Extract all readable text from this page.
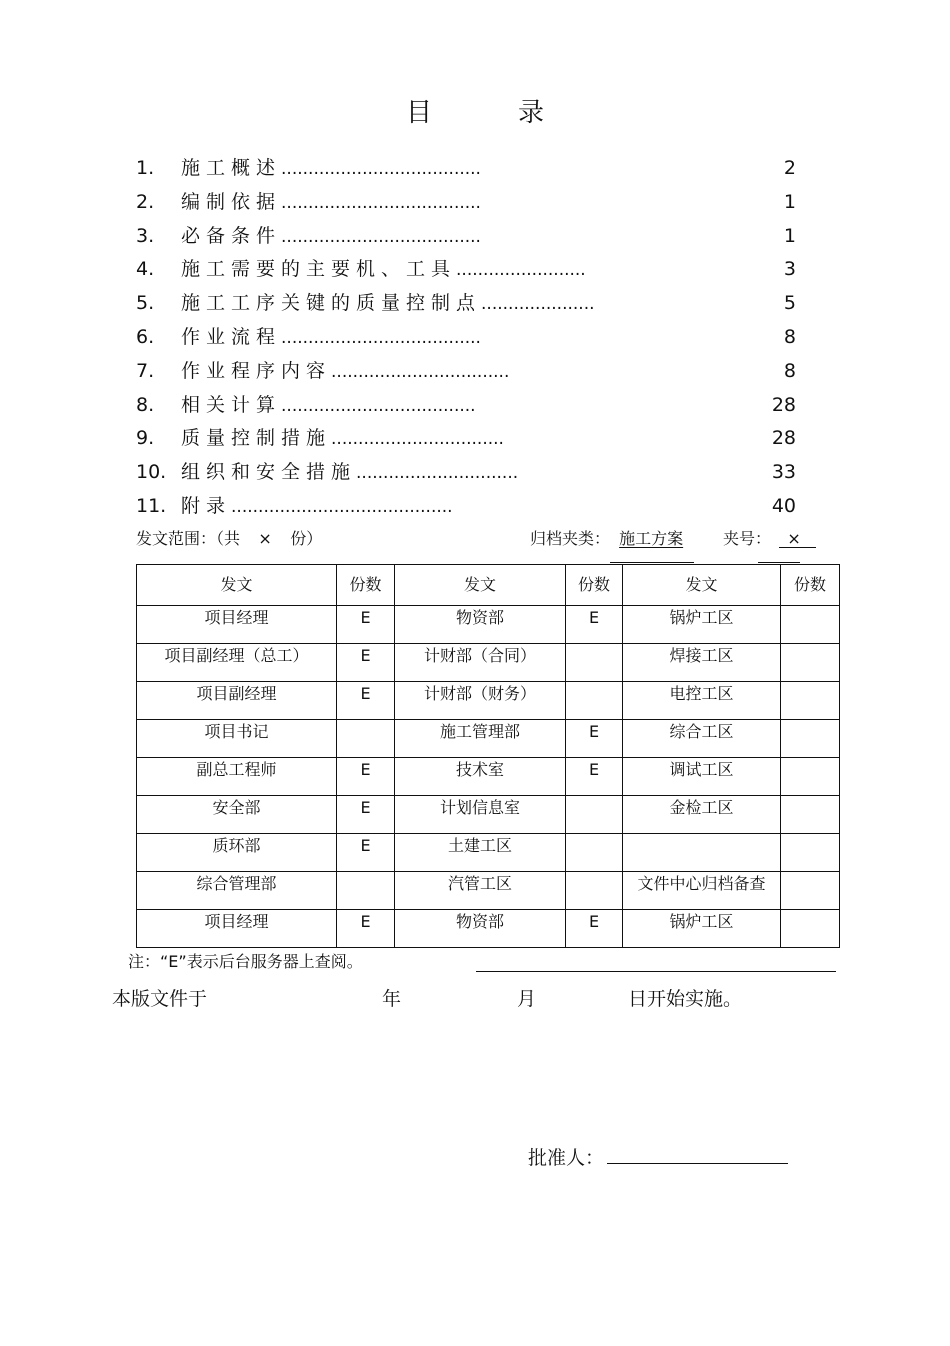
目　录
1. 施工概述.....................................	2
2. 编制依据.....................................	1
3. 必备条件.....................................	1
4. 施工需要的主要机、工具........................	3
5. 施工工序关键的质量控制点.....................	5
6. 作业流程.....................................	8
7. 作业程序内容.................................	8
8. 相关计算....................................	28
9. 质量控制措施................................	28
10. 组织和安全措施..............................	33
11. 附录.........................................	40
发文范围：（共 × 份）	归档夹类： 施工方案 夹号： ×
发文	份数	发文	份数	发文	份数
项目经理	E	物资部	E	锅炉工区	
项目副经理（总工）	E	计财部（合同）		焊接工区	
项目副经理	E	计财部（财务）		电控工区	
项目书记		施工管理部	E	综合工区	
副总工程师	E	技术室	E	调试工区	
安全部	E	计划信息室		金检工区	
质环部	E	土建工区			
综合管理部		汽管工区		文件中心归档备查	
项目经理	E	物资部	E	锅炉工区	
注：“E”表示后台服务器上查阅。
本版文件于	年	月	日开始实施。
批准人：
